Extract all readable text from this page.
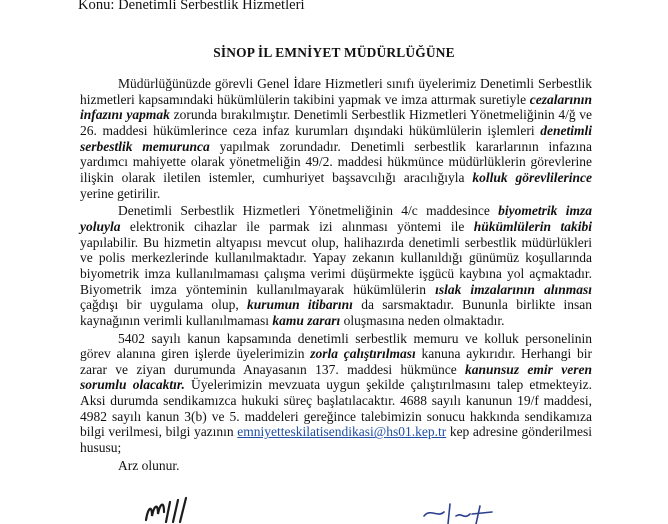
Konu: Denetimli Serbestlik Hizmetleri
SİNOP İL EMNİYET MÜDÜRLÜĞÜNE

Müdürlüğünüzde görevli Genel İdare Hizmetleri sınıfı üyelerimiz Denetimli Serbestlik hizmetleri kapsamındaki hükümlülerin takibini yapmak ve imza attırmak suretiyle cezalarının infazını yapmak zorunda bırakılmıştır. Denetimli Serbestlik Hizmetleri Yönetmeliğinin 4/ğ ve 26. maddesi hükümlerince ceza infaz kurumları dışındaki hükümlülerin işlemleri denetimli serbestlik memurunca yapılmak zorundadır. Denetimli serbestlik kararlarının infazına yardımcı mahiyette olarak yönetmeliğin 49/2. maddesi hükmünce müdürlüklerin görevlerine ilişkin olarak iletilen istemler, cumhuriyet başsavcılığı aracılığıyla kolluk görevlilerince yerine getirilir.

Denetimli Serbestlik Hizmetleri Yönetmeliğinin 4/c maddesince biyometrik imza yoluyla elektronik cihazlar ile parmak izi alınması yöntemi ile hükümlülerin takibi yapılabilir. Bu hizmetin altyapısı mevcut olup, halihazırda denetimli serbestlik müdürlükleri ve polis merkezlerinde kullanılmaktadır. Yapay zekanın kullanıldığı günümüz koşullarında biyometrik imza kullanılmaması çalışma verimi düşürmekte işgücü kaybına yol açmaktadır. Biyometrik imza yönteminin kullanılmayarak hükümlülerin ıslak imzalarının alınması çağdışı bir uygulama olup, kurumun itibarını da sarsmaktadır. Bununla birlikte insan kaynağının verimli kullanılmaması kamu zararı oluşmasına neden olmaktadır.

5402 sayılı kanun kapsamında denetimli serbestlik memuru ve kolluk personelinin görev alanına giren işlerde üyelerimizin zorla çalıştırılması kanuna aykırıdır. Herhangi bir zarar ve ziyan durumunda Anayasanın 137. maddesi hükmünce kanunsuz emir veren sorumlu olacaktır. Üyelerimizin mevzuata uygun şekilde çalıştırılmasını talep etmekteyiz. Aksi durumda sendikamızca hukuki süreç başlatılacaktır. 4688 sayılı kanunun 19/f maddesi, 4982 sayılı kanun 3(b) ve 5. maddeleri gereğince talebimizin sonucu hakkında sendikamıza bilgi verilmesi, bilgi yazının emniyetteskilatisendikasi@hs01.kep.tr kep adresine gönderilmesi hususu;

Arz olunur.
